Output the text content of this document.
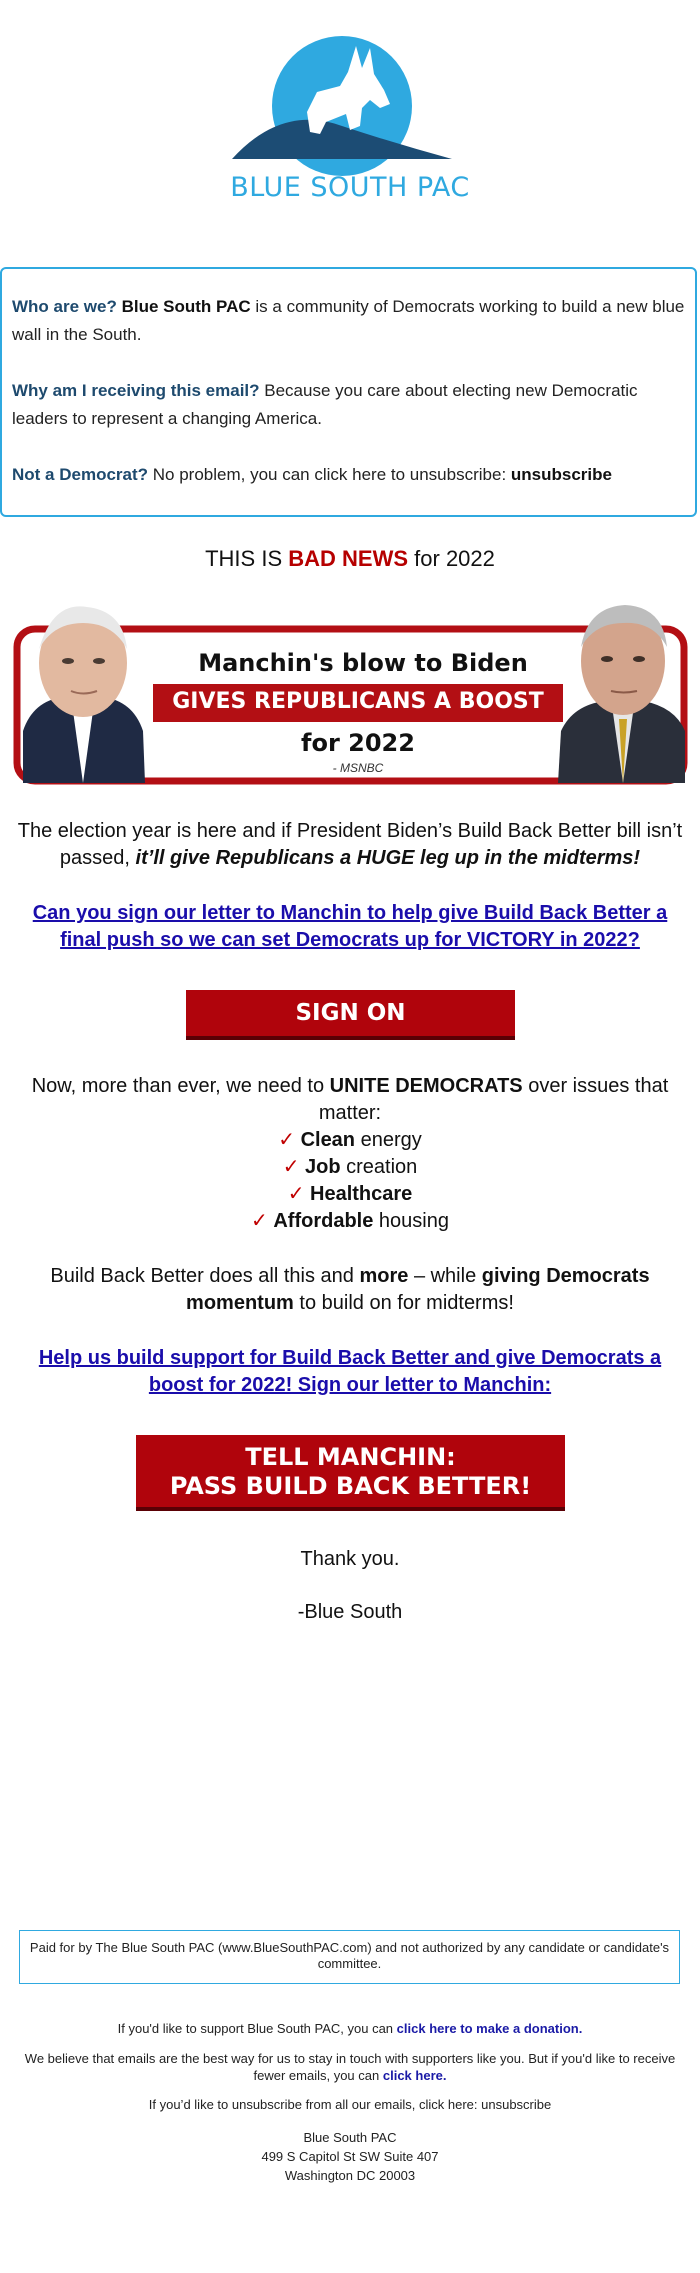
BLUE SOUTH PAC

Who are we? Blue South PAC is a community of Democrats working to build a new blue wall in the South.

Why am I receiving this email? Because you care about electing new Democratic leaders to represent a changing America.

Not a Democrat? No problem, you can click here to unsubscribe: unsubscribe

THIS IS BAD NEWS for 2022
Manchin's blow to Biden
GIVES REPUBLICANS A BOOST
for 2022
- MSNBC
The election year is here and if President Biden’s Build Back Better bill isn’t passed, it’ll give Republicans a HUGE leg up in the midterms!
Can you sign our letter to Manchin to help give Build Back Better a final push so we can set Democrats up for VICTORY in 2022?
SIGN ON
Now, more than ever, we need to UNITE DEMOCRATS over issues that matter:
✓ Clean energy
✓ Job creation
✓ Healthcare
✓ Affordable housing
Build Back Better does all this and more – while giving Democrats momentum to build on for midterms!
Help us build support for Build Back Better and give Democrats a boost for 2022! Sign our letter to Manchin:
TELL MANCHIN:
PASS BUILD BACK BETTER!
Thank you.
-Blue South
Paid for by The Blue South PAC (www.BlueSouthPAC.com) and not authorized by any candidate or candidate's committee.
If you'd like to support Blue South PAC, you can click here to make a donation.
We believe that emails are the best way for us to stay in touch with supporters like you. But if you'd like to receive fewer emails, you can click here.
If you’d like to unsubscribe from all our emails, click here: unsubscribe
Blue South PAC
499 S Capitol St SW Suite 407
Washington DC 20003
